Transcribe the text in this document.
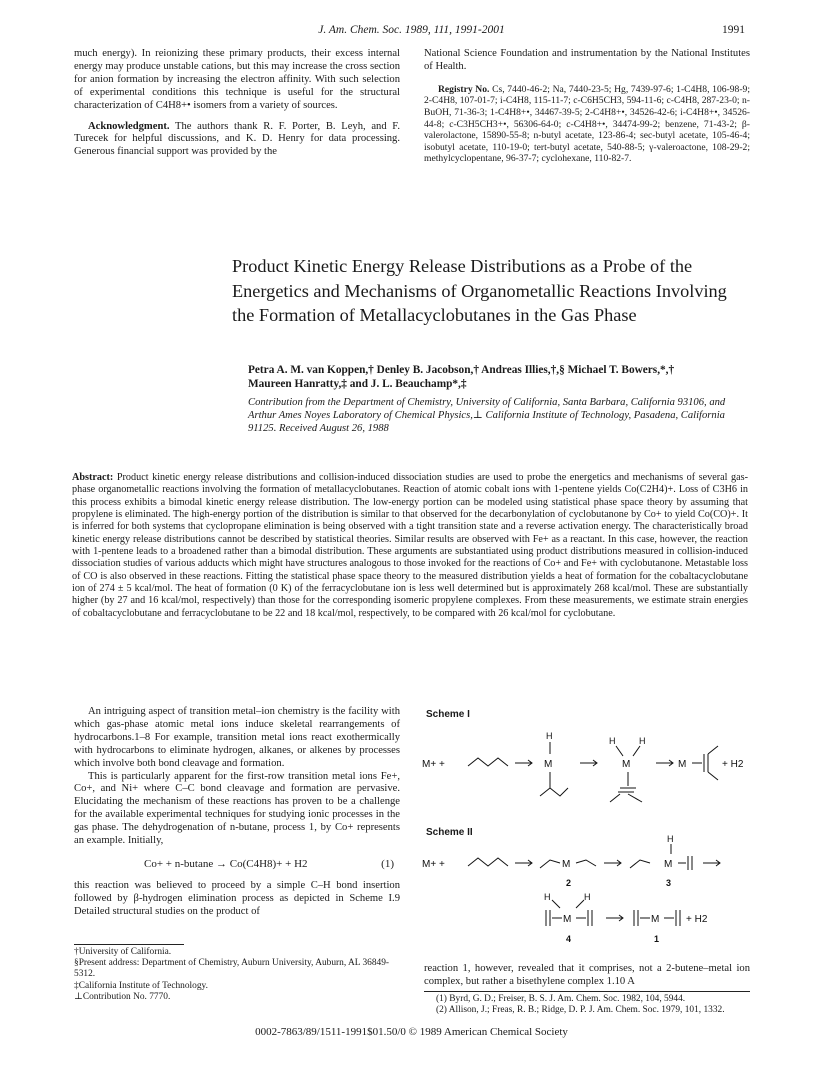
J. Am. Chem. Soc. 1989, 111, 1991-2001	1991

much energy). In reionizing these primary products, their excess internal energy may produce unstable cations, but this may increase the cross section for anion formation by increasing the electron affinity. With such selection of experimental conditions this technique is useful for the structural characterization of C4H8+• isomers from a variety of sources.

Acknowledgment. The authors thank R. F. Porter, B. Leyh, and F. Turecek for helpful discussions, and K. D. Henry for data processing. Generous financial support was provided by the

National Science Foundation and instrumentation by the National Institutes of Health.

Registry No. Cs, 7440-46-2; Na, 7440-23-5; Hg, 7439-97-6; 1-C4H8, 106-98-9; 2-C4H8, 107-01-7; i-C4H8, 115-11-7; c-C6H5CH3, 594-11-6; c-C4H8, 287-23-0; n-BuOH, 71-36-3; 1-C4H8+•, 34467-39-5; 2-C4H8+•, 34526-42-6; i-C4H8+•, 34526-44-8; c-C3H5CH3+•, 56306-64-0; c-C4H8+•, 34474-99-2; benzene, 71-43-2; β-valerolactone, 15890-55-8; n-butyl acetate, 123-86-4; sec-butyl acetate, 105-46-4; isobutyl acetate, 110-19-0; tert-butyl acetate, 540-88-5; γ-valeroactone, 108-29-2; methylcyclopentane, 96-37-7; cyclohexane, 110-82-7.

Product Kinetic Energy Release Distributions as a Probe of the Energetics and Mechanisms of Organometallic Reactions Involving the Formation of Metallacyclobutanes in the Gas Phase
Petra A. M. van Koppen,† Denley B. Jacobson,† Andreas Illies,†,§ Michael T. Bowers,*,†
Maureen Hanratty,‡ and J. L. Beauchamp*,‡
Contribution from the Department of Chemistry, University of California, Santa Barbara, California 93106, and Arthur Ames Noyes Laboratory of Chemical Physics,⊥ California Institute of Technology, Pasadena, California 91125. Received August 26, 1988
Abstract: Product kinetic energy release distributions and collision-induced dissociation studies are used to probe the energetics and mechanisms of several gas-phase organometallic reactions involving the formation of metallacyclobutanes. Reaction of atomic cobalt ions with 1-pentene yields Co(C2H4)+. Loss of C3H6 in this process exhibits a bimodal kinetic energy release distribution. The low-energy portion can be modeled using statistical phase space theory by assuming that propylene is eliminated. The high-energy portion of the distribution is similar to that observed for the decarbonylation of cyclobutanone by Co+ to yield Co(CO)+. It is inferred for both systems that cyclopropane elimination is being observed with a tight transition state and a reverse activation energy. The characteristically broad kinetic energy release distributions cannot be described by statistical theories. Similar results are observed with Fe+ as a reactant. In this case, however, the reaction with 1-pentene leads to a broadened rather than a bimodal distribution. These arguments are substantiated using product distributions measured in collision-induced dissociation studies of various adducts which might have structures analogous to those invoked for the reactions of Co+ and Fe+ with cyclobutanone. Metastable loss of CO is also observed in these reactions. Fitting the statistical phase space theory to the measured distribution yields a heat of formation for the cobaltacyclobutane ion of 274 ± 5 kcal/mol. The heat of formation (0 K) of the ferracyclobutane ion is less well determined but is approximately 268 kcal/mol. These are substantially higher (by 27 and 16 kcal/mol, respectively) than those for the corresponding isomeric propylene complexes. From these measurements, we estimate strain energies of cobaltacyclobutane and ferracyclobutane to be 22 and 18 kcal/mol, respectively, to be compared with 26 kcal/mol for cyclobutane.

An intriguing aspect of transition metal–ion chemistry is the facility with which gas-phase atomic metal ions induce skeletal rearrangements of hydrocarbons.1–8 For example, transition metal ions react exothermically with hydrocarbons to eliminate hydrogen, alkanes, or alkenes by processes which involve both bond cleavage and formation.

This is particularly apparent for the first-row transition metal ions Fe+, Co+, and Ni+ where C–C bond cleavage and formation are pervasive. Elucidating the mechanism of these reactions has proven to be a challenge for the available experimental techniques for studying ionic processes in the gas phase. The dehydrogenation of n-butane, process 1, by Co+ represents an example. Initially,

Co+ + n-butane → Co(C4H8)+ + H2	(1)

this reaction was believed to proceed by a simple C–H bond insertion followed by β-hydrogen elimination process as depicted in Scheme I.9 Detailed structural studies on the product of

†University of California.
§Present address: Department of Chemistry, Auburn University, Auburn, AL 36849-5312.
‡California Institute of Technology.
⊥Contribution No. 7770.
Scheme I
M+ +
H
M
H	H
M	M	+ H2
Scheme II
M+ +	M
H
M
2	3
H	H
M	M	+ H2
4	1
reaction 1, however, revealed that it comprises, not a 2-butene–metal ion complex, but rather a bisethylene complex 1.10 A
(1) Byrd, G. D.; Freiser, B. S. J. Am. Chem. Soc. 1982, 104, 5944.
(2) Allison, J.; Freas, R. B.; Ridge, D. P. J. Am. Chem. Soc. 1979, 101, 1332.
0002-7863/89/1511-1991$01.50/0 © 1989 American Chemical Society
